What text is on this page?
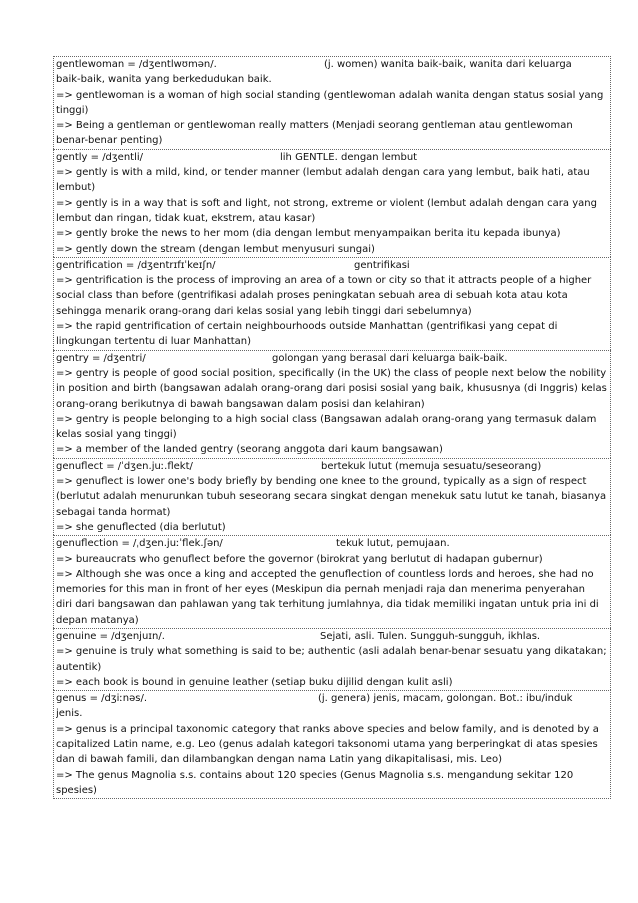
gentlewoman = /dʒentlwʊmən/.	(j. women) wanita baik-baik, wanita dari keluarga
baik-baik, wanita yang berkedudukan baik.
=> gentlewoman is a woman of high social standing (gentlewoman adalah wanita dengan status sosial yang
tinggi)
=> Being a gentleman or gentlewoman really matters (Menjadi seorang gentleman atau gentlewoman
benar-benar penting)
gently = /dʒentli/	lih GENTLE. dengan lembut
=> gently is with a mild, kind, or tender manner (lembut adalah dengan cara yang lembut, baik hati, atau
lembut)
=> gently is in a way that is soft and light, not strong, extreme or violent (lembut adalah dengan cara yang
lembut dan ringan, tidak kuat, ekstrem, atau kasar)
=> gently broke the news to her mom (dia dengan lembut menyampaikan berita itu kepada ibunya)
=> gently down the stream (dengan lembut menyusuri sungai)
gentrification = /dʒentrɪfɪˈkeɪʃn/	gentrifikasi
=> gentrification is the process of improving an area of a town or city so that it attracts people of a higher
social class than before (gentrifikasi adalah proses peningkatan sebuah area di sebuah kota atau kota
sehingga menarik orang-orang dari kelas sosial yang lebih tinggi dari sebelumnya)
=> the rapid gentrification of certain neighbourhoods outside Manhattan (gentrifikasi yang cepat di
lingkungan tertentu di luar Manhattan)
gentry = /dʒentri/	golongan yang berasal dari keluarga baik-baik.
=> gentry is people of good social position, specifically (in the UK) the class of people next below the nobility
in position and birth (bangsawan adalah orang-orang dari posisi sosial yang baik, khususnya (di Inggris) kelas
orang-orang berikutnya di bawah bangsawan dalam posisi dan kelahiran)
=> gentry is people belonging to a high social class (Bangsawan adalah orang-orang yang termasuk dalam
kelas sosial yang tinggi)
=> a member of the landed gentry (seorang anggota dari kaum bangsawan)
genuflect = /ˈdʒen.juː.flekt/	bertekuk lutut (memuja sesuatu/seseorang)
=> genuflect is lower one's body briefly by bending one knee to the ground, typically as a sign of respect
(berlutut adalah menurunkan tubuh seseorang secara singkat dengan menekuk satu lutut ke tanah, biasanya
sebagai tanda hormat)
=> she genuflected (dia berlutut)
genuflection = /ˌdʒen.juːˈflek.ʃən/	tekuk lutut, pemujaan.
=> bureaucrats who genuflect before the governor (birokrat yang berlutut di hadapan gubernur)
=> Although she was once a king and accepted the genuflection of countless lords and heroes, she had no
memories for this man in front of her eyes (Meskipun dia pernah menjadi raja dan menerima penyerahan
diri dari bangsawan dan pahlawan yang tak terhitung jumlahnya, dia tidak memiliki ingatan untuk pria ini di
depan matanya)
genuine = /dʒenjuɪn/.	Sejati, asli. Tulen. Sungguh-sungguh, ikhlas.
=> genuine is truly what something is said to be; authentic (asli adalah benar-benar sesuatu yang dikatakan;
autentik)
=> each book is bound in genuine leather (setiap buku dijilid dengan kulit asli)
genus = /dʒiːnəs/.	(j. genera) jenis, macam, golongan. Bot.: ibu/induk
jenis.
=> genus is a principal taxonomic category that ranks above species and below family, and is denoted by a
capitalized Latin name, e.g. Leo (genus adalah kategori taksonomi utama yang berperingkat di atas spesies
dan di bawah famili, dan dilambangkan dengan nama Latin yang dikapitalisasi, mis. Leo)
=> The genus Magnolia s.s. contains about 120 species (Genus Magnolia s.s. mengandung sekitar 120
spesies)
